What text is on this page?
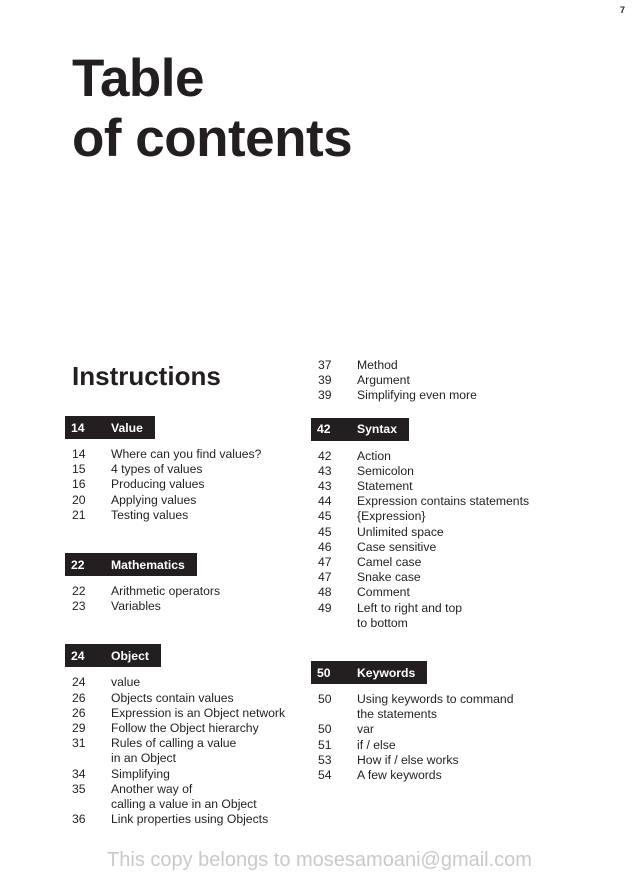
7
Table
of contents
Instructions
14	Value
14	Where can you find values?
15	4 types of values
16	Producing values
20	Applying values
21	Testing values
22	Mathematics
22	Arithmetic operators
23	Variables
24	Object
24	value
26	Objects contain values
26	Expression is an Object network
29	Follow the Object hierarchy
31	Rules of calling a value
in an Object
34	Simplifying
35	Another way of
calling a value in an Object
36	Link properties using Objects
37	Method
39	Argument
39	Simplifying even more
42	Syntax
42	Action
43	Semicolon
43	Statement
44	Expression contains statements
45	{Expression}
45	Unlimited space
46	Case sensitive
47	Camel case
47	Snake case
48	Comment
49	Left to right and top
to bottom
50	Keywords
50	Using keywords to command
the statements
50	var
51	if / else
53	How if / else works
54	A few keywords
This copy belongs to mosesamoani@gmail.com
